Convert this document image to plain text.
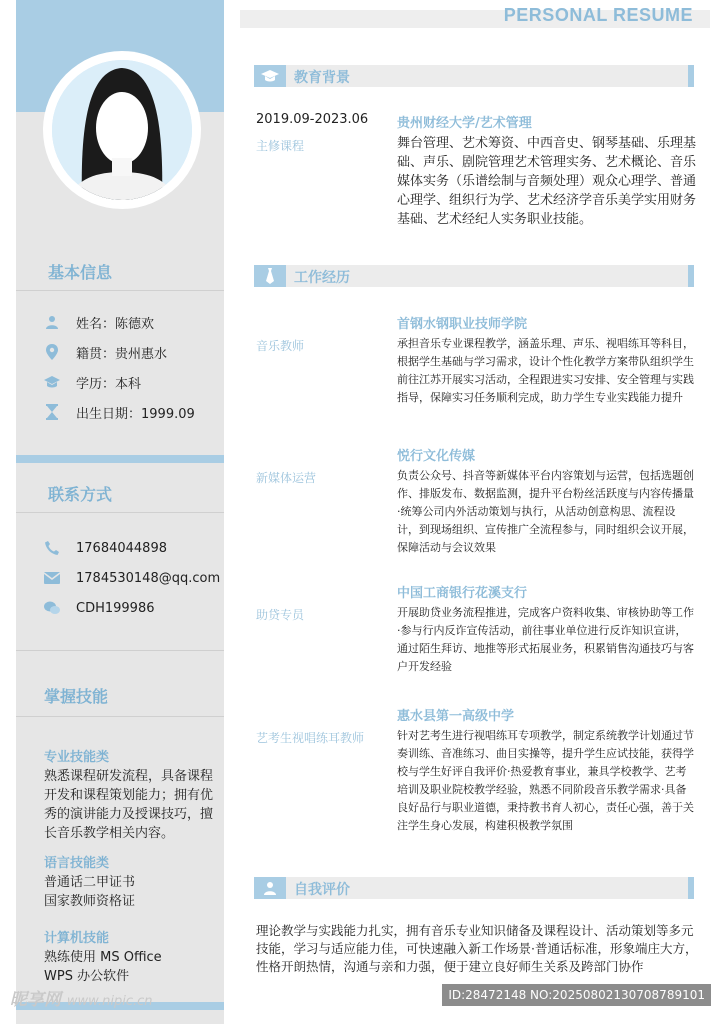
PERSONAL RESUME
基本信息
姓名：陈德欢
籍贯：贵州惠水
学历：本科
出生日期：1999.09
联系方式
17684044898
1784530148@qq.com
CDH199986
掌握技能
专业技能类
熟悉课程研发流程，具备课程开发和课程策划能力；拥有优秀的演讲能力及授课技巧，擅长音乐教学相关内容。
语言技能类
普通话二甲证书
国家教师资格证
计算机技能
熟练使用 MS Office
WPS 办公软件
教育背景
2019.09-2023.06 贵州财经大学/艺术管理
主修课程	舞台管理、艺术筹资、中西音史、钢琴基础、乐理基础、声乐、剧院管理艺术管理实务、艺术概论、音乐媒体实务（乐谱绘制与音频处理）观众心理学、普通心理学、组织行为学、艺术经济学音乐美学实用财务基础、艺术经纪人实务职业技能。
工作经历
首钢水钢职业技师学院
音乐教师	承担音乐专业课程教学，涵盖乐理、声乐、视唱练耳等科目，根据学生基础与学习需求，设计个性化教学方案带队组织学生前往江苏开展实习活动，全程跟进实习安排、安全管理与实践指导，保障实习任务顺利完成，助力学生专业实践能力提升
悦行文化传媒
新媒体运营	负责公众号、抖音等新媒体平台内容策划与运营，包括选题创作、排版发布、数据监测，提升平台粉丝活跃度与内容传播量·统筹公司内外活动策划与执行，从活动创意构思、流程设计，到现场组织、宣传推广全流程参与，同时组织会议开展，保障活动与会议效果
中国工商银行花溪支行
助贷专员	开展助贷业务流程推进，完成客户资料收集、审核协助等工作·参与行内反诈宣传活动，前往事业单位进行反诈知识宣讲，通过陌生拜访、地推等形式拓展业务，积累销售沟通技巧与客户开发经验
惠水县第一高级中学
艺考生视唱练耳教师	针对艺考生进行视唱练耳专项教学，制定系统教学计划通过节奏训练、音准练习、曲目实操等，提升学生应试技能，获得学校与学生好评自我评价·热爱教育事业，兼具学校教学、艺考培训及职业院校教学经验，熟悉不同阶段音乐教学需求·具备良好品行与职业道德，秉持教书育人初心，责任心强，善于关注学生身心发展，构建积极教学氛围
自我评价
理论教学与实践能力扎实，拥有音乐专业知识储备及课程设计、活动策划等多元技能，学习与适应能力佳，可快速融入新工作场景·普通话标准，形象端庄大方，性格开朗热情，沟通与亲和力强，便于建立良好师生关系及跨部门协作
昵享网 www.nipic.cn	ID:28472148 NO:20250802130708789101
